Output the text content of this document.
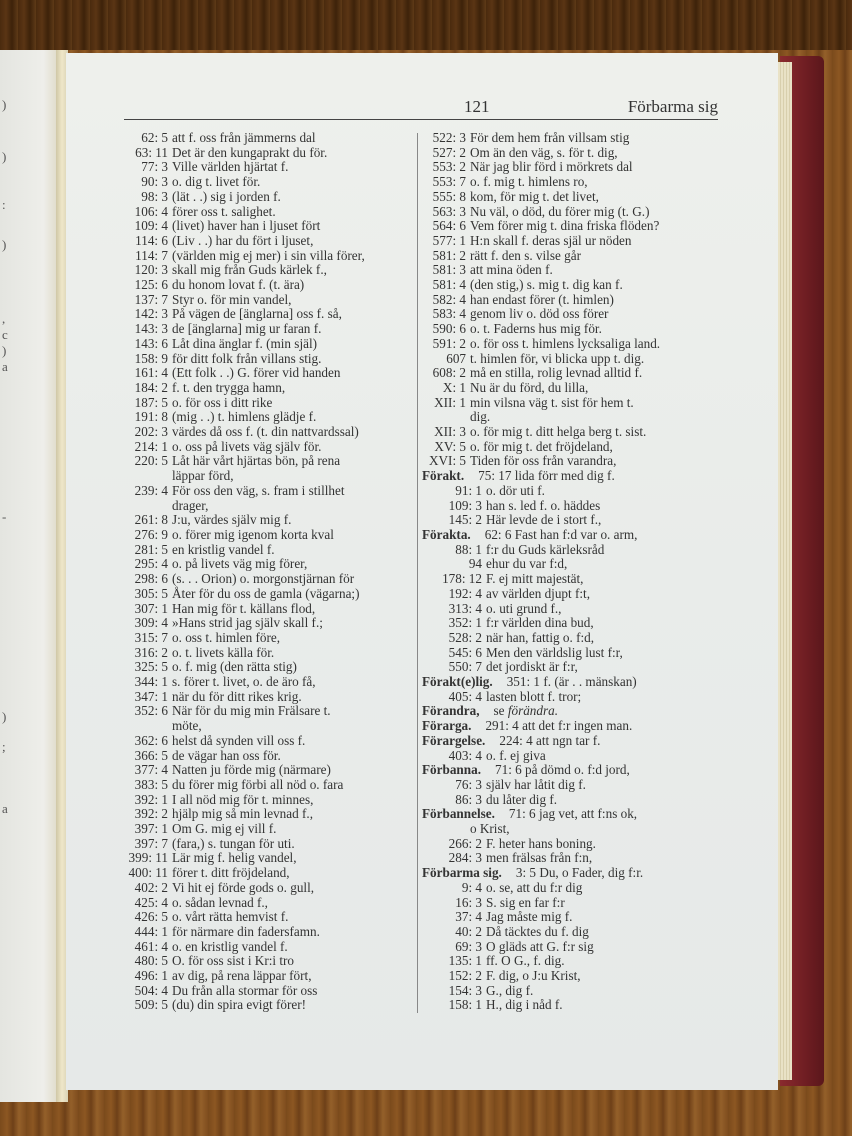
)
)
:
)
,
c
)
a
-
)
;
a
121	Förbarma sig
62: 5 att f. oss från jämmerns dal
63: 11 Det är den kungaprakt du för.
77: 3 Ville världen hjärtat f.
90: 3 o. dig t. livet för.
98: 3 (lät . .) sig i jorden f.
106: 4 förer oss t. salighet.
109: 4 (livet) haver han i ljuset fört
114: 6 (Liv . .) har du fört i ljuset,
114: 7 (världen mig ej mer) i sin villa förer,
120: 3 skall mig från Guds kärlek f.,
125: 6 du honom lovat f. (t. ära)
137: 7 Styr o. för min vandel,
142: 3 På vägen de [änglarna] oss f. så,
143: 3 de [änglarna] mig ur faran f.
143: 6 Låt dina änglar f. (min själ)
158: 9 för ditt folk från villans stig.
161: 4 (Ett folk . .) G. förer vid handen
184: 2 f. t. den trygga hamn,
187: 5 o. för oss i ditt rike
191: 8 (mig . .) t. himlens glädje f.
202: 3 värdes då oss f. (t. din nattvardssal)
214: 1 o. oss på livets väg själv för.
220: 5 Låt här vårt hjärtas bön, på rena
läppar förd,
239: 4 För oss den väg, s. fram i stillhet
drager,
261: 8 J:u, värdes själv mig f.
276: 9 o. förer mig igenom korta kval
281: 5 en kristlig vandel f.
295: 4 o. på livets väg mig förer,
298: 6 (s. . . Orion) o. morgonstjärnan för
305: 5 Åter för du oss de gamla (vägarna;)
307: 1 Han mig för t. källans flod,
309: 4 »Hans strid jag själv skall f.;
315: 7 o. oss t. himlen före,
316: 2 o. t. livets källa för.
325: 5 o. f. mig (den rätta stig)
344: 1 s. förer t. livet, o. de äro få,
347: 1 när du för ditt rikes krig.
352: 6 När för du mig min Frälsare t.
möte,
362: 6 helst då synden vill oss f.
366: 5 de vägar han oss för.
377: 4 Natten ju förde mig (närmare)
383: 5 du förer mig förbi all nöd o. fara
392: 1 I all nöd mig för t. minnes,
392: 2 hjälp mig så min levnad f.,
397: 1 Om G. mig ej vill f.
397: 7 (fara,) s. tungan för uti.
399: 11 Lär mig f. helig vandel,
400: 11 förer t. ditt fröjdeland,
402: 2 Vi hit ej förde gods o. gull,
425: 4 o. sådan levnad f.,
426: 5 o. vårt rätta hemvist f.
444: 1 för närmare din fadersfamn.
461: 4 o. en kristlig vandel f.
480: 5 O. för oss sist i Kr:i tro
496: 1 av dig, på rena läppar fört,
504: 4 Du från alla stormar för oss
509: 5 (du) din spira evigt förer!
522: 3 För dem hem från villsam stig
527: 2 Om än den väg, s. för t. dig,
553: 2 När jag blir förd i mörkrets dal
553: 7 o. f. mig t. himlens ro,
555: 8 kom, för mig t. det livet,
563: 3 Nu väl, o död, du förer mig (t. G.)
564: 6 Vem förer mig t. dina friska flöden?
577: 1 H:n skall f. deras själ ur nöden
581: 2 rätt f. den s. vilse går
581: 3 att mina öden f.
581: 4 (den stig,) s. mig t. dig kan f.
582: 4 han endast förer (t. himlen)
583: 4 genom liv o. död oss förer
590: 6 o. t. Faderns hus mig för.
591: 2 o. för oss t. himlens lycksaliga land.
607 t. himlen för, vi blicka upp t. dig.
608: 2 må en stilla, rolig levnad alltid f.
X: 1 Nu är du förd, du lilla,
XII: 1 min vilsna väg t. sist för hem t.
dig.
XII: 3 o. för mig t. ditt helga berg t. sist.
XV: 5 o. för mig t. det fröjdeland,
XVI: 5 Tiden för oss från varandra,
Förakt. 75: 17 lida förr med dig f.
91: 1 o. dör uti f.
109: 3 han s. led f. o. häddes
145: 2 Här levde de i stort f.,
Förakta. 62: 6 Fast han f:d var o. arm,
88: 1 f:r du Guds kärleksråd
94 ehur du var f:d,
178: 12 F. ej mitt majestät,
192: 4 av världen djupt f:t,
313: 4 o. uti grund f.,
352: 1 f:r världen dina bud,
528: 2 när han, fattig o. f:d,
545: 6 Men den världslig lust f:r,
550: 7 det jordiskt är f:r,
Förakt(e)lig. 351: 1 f. (är . . mänskan)
405: 4 lasten blott f. tror;
Förandra, se förändra.
Förarga. 291: 4 att det f:r ingen man.
Förargelse. 224: 4 att ngn tar f.
403: 4 o. f. ej giva
Förbanna. 71: 6 på dömd o. f:d jord,
76: 3 själv har låtit dig f.
86: 3 du låter dig f.
Förbannelse. 71: 6 jag vet, att f:ns ok,
o Krist,
266: 2 F. heter hans boning.
284: 3 men frälsas från f:n,
Förbarma sig. 3: 5 Du, o Fader, dig f:r.
9: 4 o. se, att du f:r dig
16: 3 S. sig en far f:r
37: 4 Jag måste mig f.
40: 2 Då täcktes du f. dig
69: 3 O gläds att G. f:r sig
135: 1 ff. O G., f. dig.
152: 2 F. dig, o J:u Krist,
154: 3 G., dig f.
158: 1 H., dig i nåd f.
